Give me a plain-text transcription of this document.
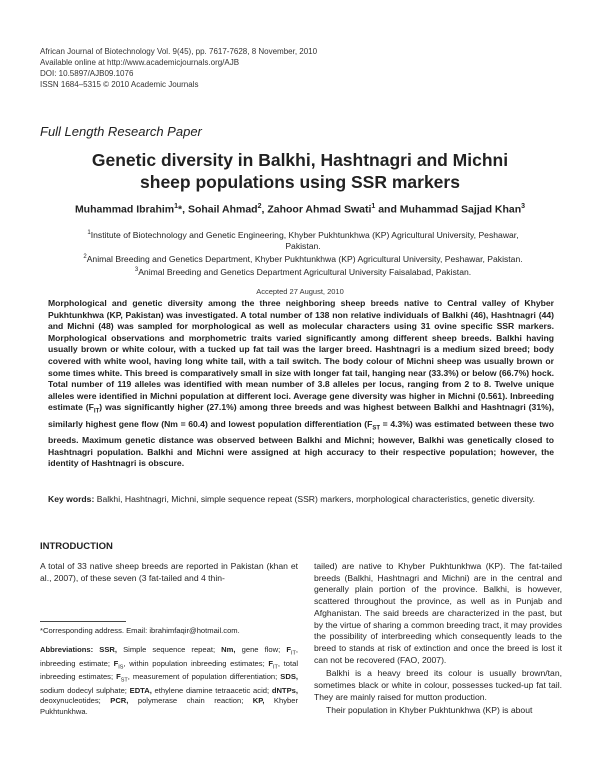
African Journal of Biotechnology Vol. 9(45), pp. 7617-7628, 8 November, 2010
Available online at http://www.academicjournals.org/AJB
DOI: 10.5897/AJB09.1076
ISSN 1684–5315 © 2010 Academic Journals
Full Length Research Paper
Genetic diversity in Balkhi, Hashtnagri and Michni
sheep populations using SSR markers
Muhammad Ibrahim$^1$*, Sohail Ahmad$^2$, Zahoor Ahmad Swati$^1$ and Muhammad Sajjad Khan$^3$
$^1$Institute of Biotechnology and Genetic Engineering, Khyber Pukhtunkhwa (KP) Agricultural University, Peshawar,
Pakistan.
$^2$Animal Breeding and Genetics Department, Khyber Pukhtunkhwa (KP) Agricultural University, Peshawar, Pakistan.
$^3$Animal Breeding and Genetics Department Agricultural University Faisalabad, Pakistan.
Accepted 27 August, 2010
Morphological and genetic diversity among the three neighboring sheep breeds native to Central valley of Khyber Pukhtunkhwa (KP, Pakistan) was investigated. A total number of 138 non relative individuals of Balkhi (46), Hashtnagri (44) and Michni (48) was sampled for morphological as well as molecular characters using 31 ovine specific SSR markers. Morphological observations and morphometric traits varied significantly among different sheep breeds. Balkhi having usually brown or white colour, with a tucked up fat tail was the larger breed. Hashtnagri is a medium sized breed; body covered with white wool, having long white tail, with a tail switch. The body colour of Michni sheep was usually brown or some times white. This breed is comparatively small in size with longer fat tail, hanging near (33.3%) or below (66.7%) hock. Total number of 119 alleles was identified with mean number of 3.8 alleles per locus, ranging from 2 to 8. Twelve unique alleles were identified in Michni population at different loci. Average gene diversity was higher in Michni (0.561). Inbreeding estimate $(F_{IT})$ was significantly higher (27.1%) among three breeds and was highest between Balkhi and Hashtnagri (31%), similarly highest gene flow (Nm = 60.4) and lowest population differentiation $(F_{ST} = 4.3\%)$ was estimated between these two breeds. Maximum genetic distance was observed between Balkhi and Michni; however, Balkhi was genetically closed to Hashtnagri population. Balkhi and Michni were assigned at high accuracy to their respective population; however, the identity of Hashtnagri is obscure.
Key words: Balkhi, Hashtnagri, Michni, simple sequence repeat (SSR) markers, morphological characteristics, genetic diversity.
INTRODUCTION

A total of 33 native sheep breeds are reported in Pakistan (khan et al., 2007), of these seven (3 fat-tailed and 4 thin-

*Corresponding address. Email: ibrahimfaqir@hotmail.com.
Abbreviations: SSR, Simple sequence repeat; Nm, gene flow; $F_{IT}$, inbreeding estimate; $F_{IS}$, within population inbreeding estimates; $F_{IT}$, total inbreeding estimates; $F_{ST}$, measurement of population differentiation; SDS, sodium dodecyl sulphate; EDTA, ethylene diamine tetraacetic acid; dNTPs, deoxynucleotides; PCR, polymerase chain reaction; KP, Khyber Pukhtunkhwa.

tailed) are native to Khyber Pukhtunkhwa (KP). The fat-tailed breeds (Balkhi, Hashtnagri and Michni) are in the central and generally plain portion of the province. Balkhi, is however, scattered throughout the province, as well as in Punjab and Afghanistan. The said breeds are characterized in the past, but by the virtue of sharing a common breeding tract, it may provides the possibility of interbreeding which consequently leads to the breed to stands at risk of extinction and once the breed is lost it can not be recovered (FAO, 2007).

Balkhi is a heavy breed its colour is usually brown/tan, sometimes black or white in colour, possesses tucked-up fat tail. They are mainly raised for mutton production.

Their population in Khyber Pukhtunkhwa (KP) is about
